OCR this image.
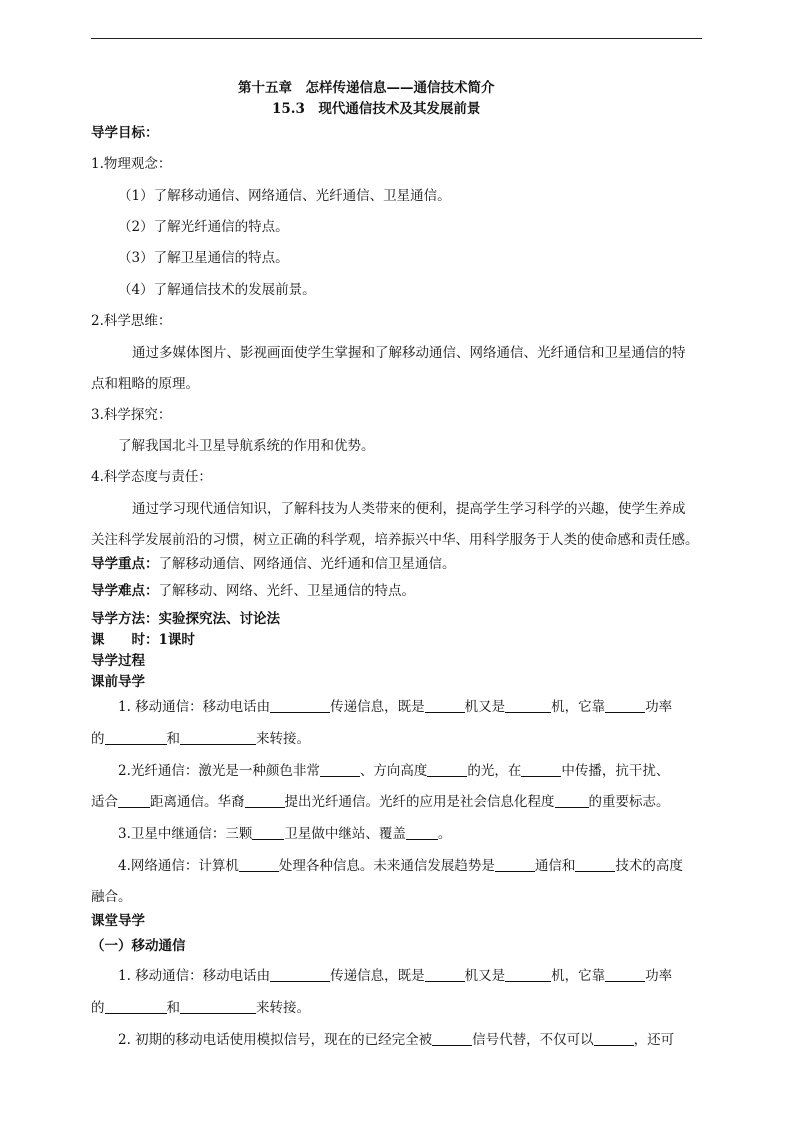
第十五章　怎样传递信息——通信技术简介
15.3　现代通信技术及其发展前景
导学目标：
1.物理观念：
（1）了解移动通信、网络通信、光纤通信、卫星通信。
（2）了解光纤通信的特点。
（3）了解卫星通信的特点。
（4）了解通信技术的发展前景。
2.科学思维：
通过多媒体图片、影视画面使学生掌握和了解移动通信、网络通信、光纤通信和卫星通信的特
点和粗略的原理。
3.科学探究：
了解我国北斗卫星导航系统的作用和优势。
4.科学态度与责任：
通过学习现代通信知识，了解科技为人类带来的便利，提高学生学习科学的兴趣，使学生养成
关注科学发展前沿的习惯，树立正确的科学观，培养振兴中华、用科学服务于人类的使命感和责任感。
导学重点：了解移动通信、网络通信、光纤通和信卫星通信。
导学难点：了解移动、网络、光纤、卫星通信的特点。
导学方法：实验探究法、讨论法
课　　时：1课时
导学过程
课前导学
1. 移动通信：移动电话由	传递信息，既是	机又是	机，它靠	功率
的	和	来转接。
2.光纤通信：激光是一种颜色非常	、方向高度	的光，在	中传播，抗干扰、
适合 距离通信。华裔	提出光纤通信。光纤的应用是社会信息化程度	的重要标志。
3.卫星中继通信：三颗 卫星做中继站、覆盖 。
4.网络通信：计算机	处理各种信息。未来通信发展趋势是	通信和	技术的高度
融合。
课堂导学
（一）移动通信
1. 移动通信：移动电话由	传递信息，既是	机又是	机，它靠	功率
的	和	来转接。
2. 初期的移动电话使用模拟信号，现在的已经完全被	信号代替，不仅可以	，还可
